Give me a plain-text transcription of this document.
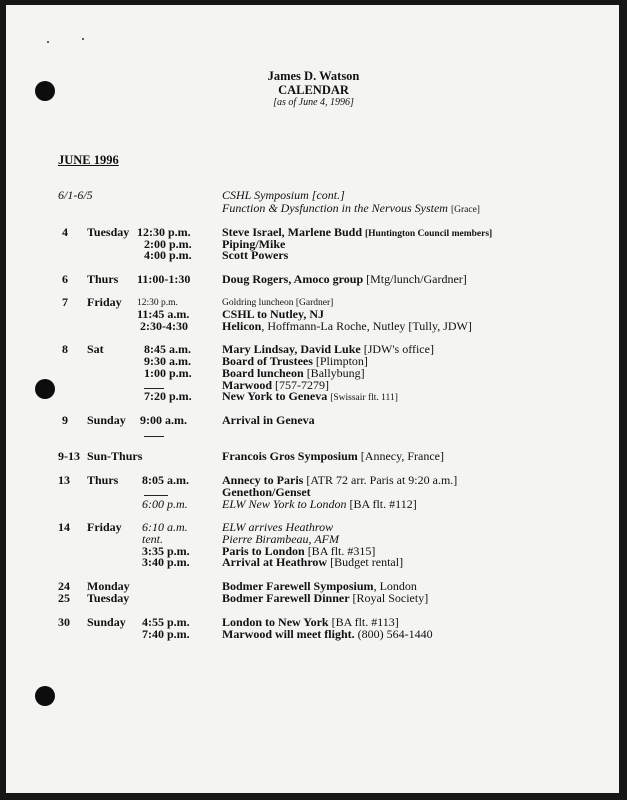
James D. Watson
CALENDAR
[as of June 4, 1996]
JUNE 1996
6/1-6/5	CSHL Symposium [cont.]
Function & Dysfunction in the Nervous System [Grace]
4 Tuesday 12:30 p.m.	Steve Israel, Marlene Budd [Huntington Council members]
2:00 p.m.	Piping/Mike
4:00 p.m.	Scott Powers
6 Thurs 11:00-1:30	Doug Rogers, Amoco group [Mtg/lunch/Gardner]
7 Friday 12:30 p.m.	Goldring luncheon [Gardner]
11:45 a.m.	CSHL to Nutley, NJ
2:30-4:30	Helicon, Hoffmann-La Roche, Nutley [Tully, JDW]
8 Sat	8:45 a.m.	Mary Lindsay, David Luke [JDW's office]
9:30 a.m.	Board of Trustees [Plimpton]
1:00 p.m.	Board luncheon [Ballybung]
Marwood [757-7279]
7:20 p.m.	New York to Geneva [Swissair flt. 111]
9 Sunday 9:00 a.m.	Arrival in Geneva
9-13 Sun-Thurs	Francois Gros Symposium [Annecy, France]
13 Thurs 8:05 a.m.	Annecy to Paris [ATR 72 arr. Paris at 9:20 a.m.]
Genethon/Genset
6:00 p.m.	ELW New York to London [BA flt. #112]
14 Friday 6:10 a.m.	ELW arrives Heathrow
tent.	Pierre Birambeau, AFM
3:35 p.m.	Paris to London [BA flt. #315]
3:40 p.m.	Arrival at Heathrow [Budget rental]
24 Monday	Bodmer Farewell Symposium, London
25 Tuesday	Bodmer Farewell Dinner [Royal Society]
30 Sunday 4:55 p.m.	London to New York [BA flt. #113]
7:40 p.m.	Marwood will meet flight. (800) 564-1440
